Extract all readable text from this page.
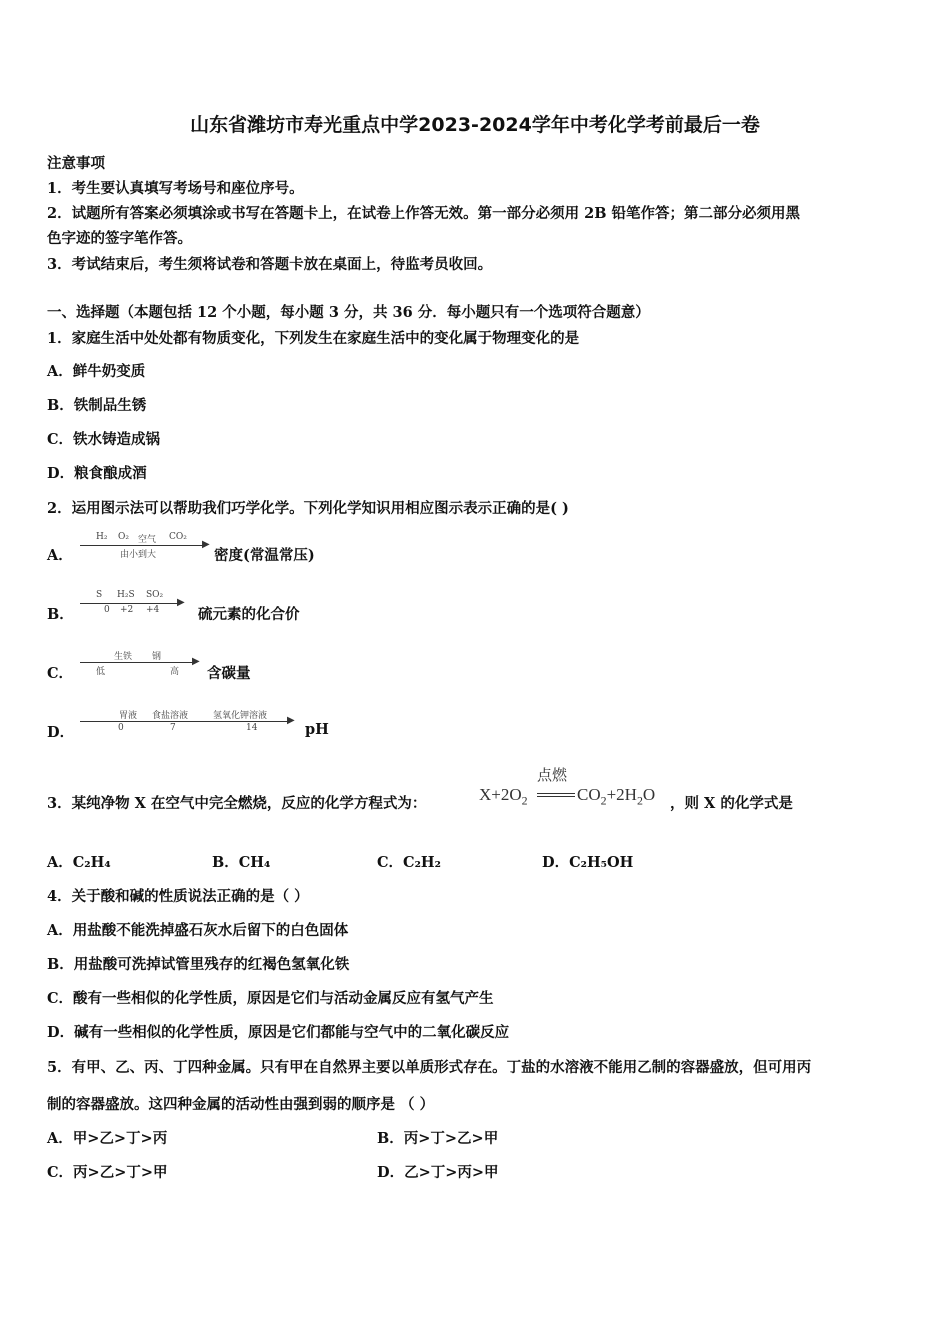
山东省潍坊市寿光重点中学2023-2024学年中考化学考前最后一卷
注意事项
1．考生要认真填写考场号和座位序号。
2．试题所有答案必须填涂或书写在答题卡上，在试卷上作答无效。第一部分必须用 2B 铅笔作答；第二部分必须用黑
色字迹的签字笔作答。
3．考试结束后，考生须将试卷和答题卡放在桌面上，待监考员收回。
一、选择题（本题包括 12 个小题，每小题 3 分，共 36 分．每小题只有一个选项符合题意）
1．家庭生活中处处都有物质变化，下列发生在家庭生活中的变化属于物理变化的是
A．鲜牛奶变质
B．铁制品生锈
C．铁水铸造成锅
D．粮食酿成酒
2．运用图示法可以帮助我们巧学化学。下列化学知识用相应图示表示正确的是( )
A．
▶
H₂ O₂ 空气 CO₂
由小到大	密度(常温常压)
B．
▶
S H₂S SO₂
0 +2 +4	硫元素的化合价
C．
▶
生铁 钢
低	高 含碳量
D．
▶
胃液 食盐溶液	氢氧化钾溶液
0	7	14	pH
3．某纯净物 X 在空气中完全燃烧，反应的化学方程式为：	$X+2O_2$
点燃
$CO_2+2H_2O$ ，则 X 的化学式是
A．C₂H₄	B．CH₄	C．C₂H₂	D．C₂H₅OH
4．关于酸和碱的性质说法正确的是（ ）
A．用盐酸不能洗掉盛石灰水后留下的白色固体
B．用盐酸可洗掉试管里残存的红褐色氢氧化铁
C．酸有一些相似的化学性质，原因是它们与活动金属反应有氢气产生
D．碱有一些相似的化学性质，原因是它们都能与空气中的二氧化碳反应
5．有甲、乙、丙、丁四种金属。只有甲在自然界主要以单质形式存在。丁盐的水溶液不能用乙制的容器盛放，但可用丙
制的容器盛放。这四种金属的活动性由强到弱的顺序是 （ ）
A．甲>乙>丁>丙	B．丙>丁>乙>甲
C．丙>乙>丁>甲	D．乙>丁>丙>甲
